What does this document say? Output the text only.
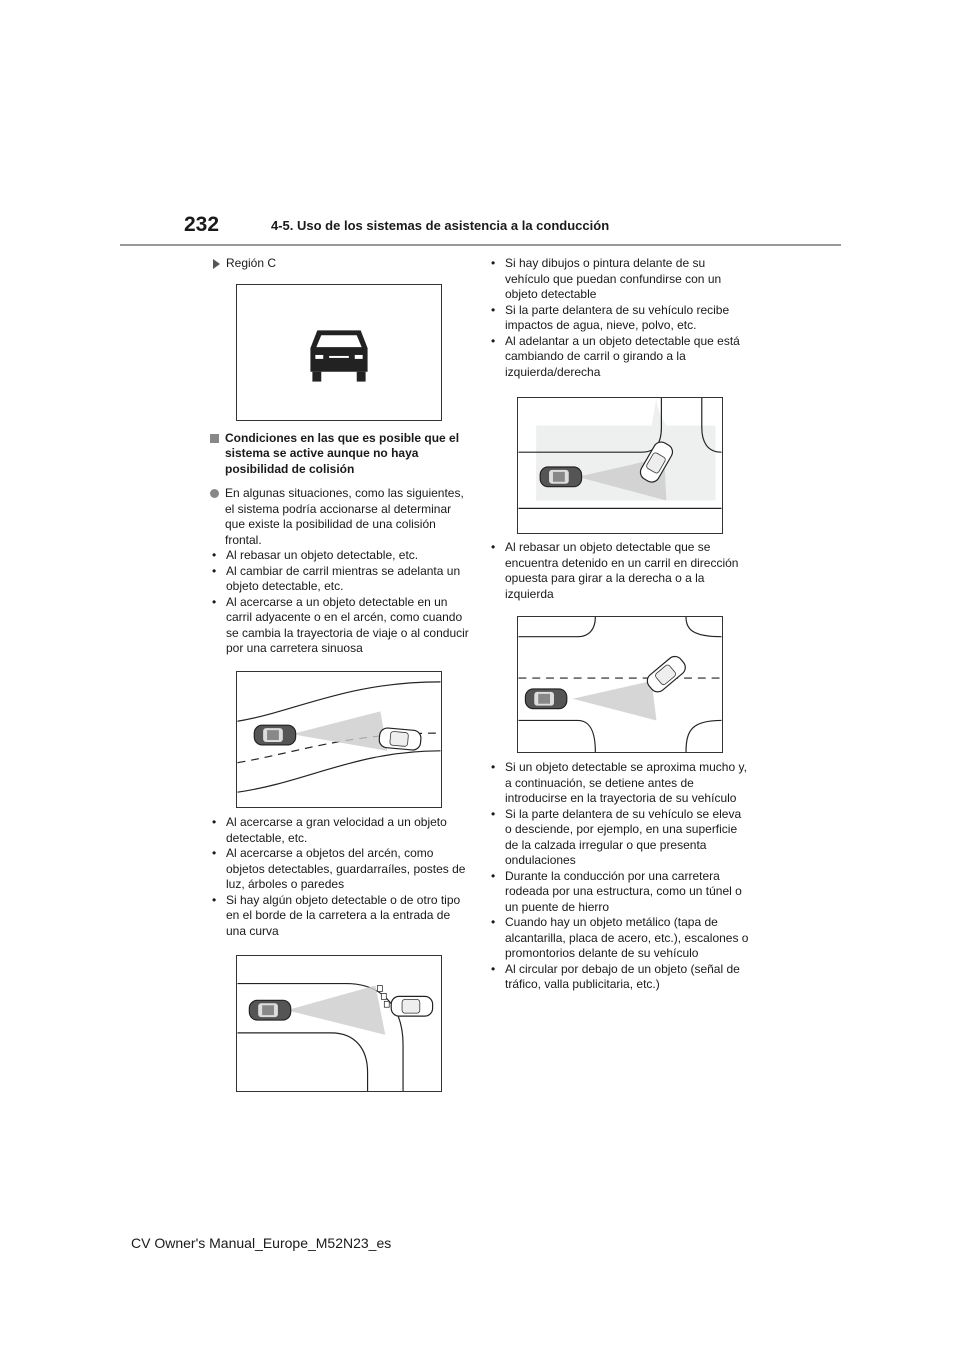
232	4-5. Uso de los sistemas de asistencia a la conducción
Región C
Condiciones en las que es posible que el sistema se active aunque no haya posibilidad de colisión
En algunas situaciones, como las siguientes, el sistema podría accionarse al determinar que existe la posibilidad de una colisión frontal.
• Al rebasar un objeto detectable, etc.
• Al cambiar de carril mientras se adelanta un objeto detectable, etc.
• Al acercarse a un objeto detectable en un carril adyacente o en el arcén, como cuando se cambia la trayectoria de viaje o al conducir por una carretera sinuosa
• Al acercarse a gran velocidad a un objeto detectable, etc.
• Al acercarse a objetos del arcén, como objetos detectables, guardarraíles, postes de luz, árboles o paredes
• Si hay algún objeto detectable o de otro tipo en el borde de la carretera a la entrada de una curva
• Si hay dibujos o pintura delante de su vehículo que puedan confundirse con un objeto detectable
• Si la parte delantera de su vehículo recibe impactos de agua, nieve, polvo, etc.
• Al adelantar a un objeto detectable que está cambiando de carril o girando a la izquierda/derecha
• Al rebasar un objeto detectable que se encuentra detenido en un carril en dirección opuesta para girar a la derecha o a la izquierda
• Si un objeto detectable se aproxima mucho y, a continuación, se detiene antes de introducirse en la trayectoria de su vehículo
• Si la parte delantera de su vehículo se eleva o desciende, por ejemplo, en una superficie de la calzada irregular o que presenta ondulaciones
• Durante la conducción por una carretera rodeada por una estructura, como un túnel o un puente de hierro
• Cuando hay un objeto metálico (tapa de alcantarilla, placa de acero, etc.), escalones o promontorios delante de su vehículo
• Al circular por debajo de un objeto (señal de tráfico, valla publicitaria, etc.)
CV Owner's Manual_Europe_M52N23_es
